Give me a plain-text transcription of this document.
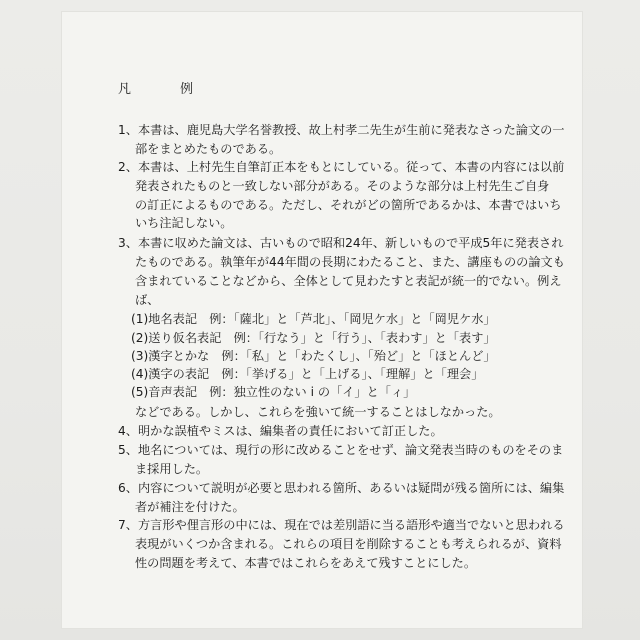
凡　例
1、本書は、鹿児島大学名誉教授、故上村孝二先生が生前に発表なさった論文の一
部をまとめたものである。
2、本書は、上村先生自筆訂正本をもとにしている。従って、本書の内容には以前
発表されたものと一致しない部分がある。そのような部分は上村先生ご自身
の訂正によるものである。ただし、それがどの箇所であるかは、本書ではいち
いち注記しない。
3、本書に収めた論文は、古いもので昭和24年、新しいもので平成5年に発表され
たものである。執筆年が44年間の長期にわたること、また、講座ものの論文も
含まれていることなどから、全体として見わたすと表記が統一的でない。例え
ば、
(1)地名表記　例：「薩北」と「芦北」、「岡児ケ水」と「岡児ケ水」
(2)送り仮名表記　例：「行なう」と「行う」、「表わす」と「表す」
(3)漢字とかな　例：「私」と「わたくし」、「殆ど」と「ほとんど」
(4)漢字の表記　例：「挙げる」と「上げる」、「理解」と「理会」
(5)音声表記　例：独立性のない i の「イ」と「ィ」
などである。しかし、これらを強いて統一することはしなかった。
4、明かな誤植やミスは、編集者の責任において訂正した。
5、地名については、現行の形に改めることをせず、論文発表当時のものをそのま
ま採用した。
6、内容について説明が必要と思われる箇所、あるいは疑問が残る箇所には、編集
者が補注を付けた。
7、方言形や俚言形の中には、現在では差別語に当る語形や適当でないと思われる
表現がいくつか含まれる。これらの項目を削除することも考えられるが、資料
性の問題を考えて、本書ではこれらをあえて残すことにした。
